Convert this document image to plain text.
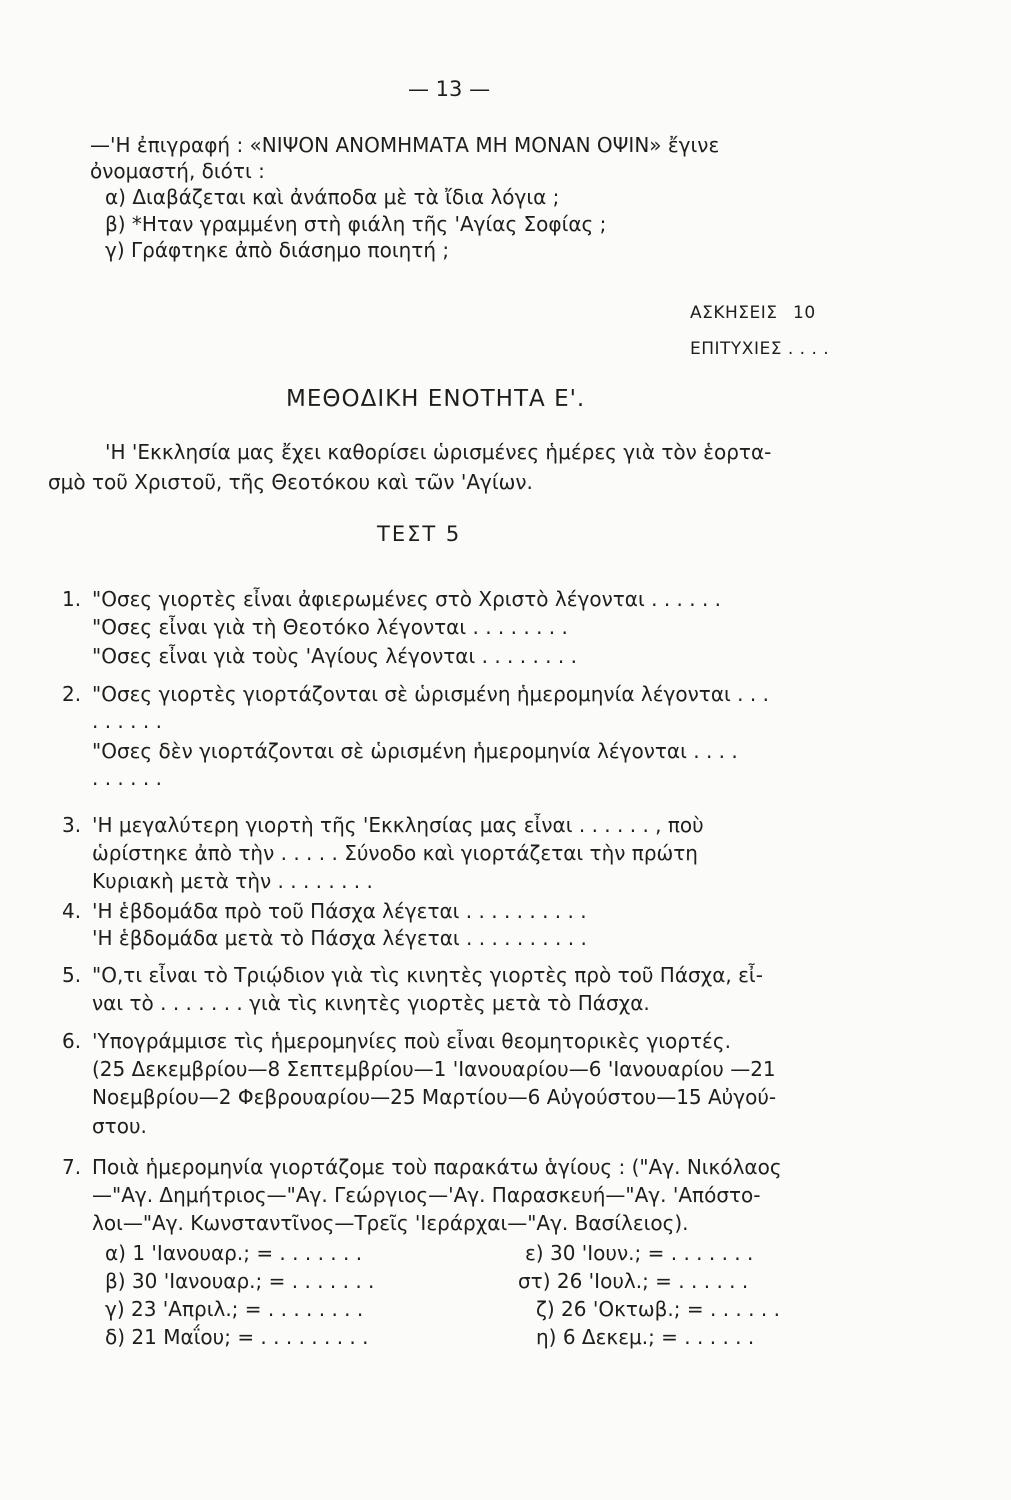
— 13 —
—'Η ἐπιγραφή : «ΝΙΨΟΝ ΑΝΟΜΗΜΑΤΑ ΜΗ ΜΟΝΑΝ ΟΨΙΝ» ἔγινε
ὀνομαστή, διότι :
α) Διαβάζεται καὶ ἀνάποδα μὲ τὰ ἴδια λόγια ;
β) *Ηταν γραμμένη στὴ φιάλη τῆς 'Αγίας Σοφίας ;
γ) Γράφτηκε ἀπὸ διάσημο ποιητή ;
ΑΣΚΗΣΕΙΣ 10
ΕΠΙΤΥΧΙΕΣ . . . .
ΜΕΘΟΔΙΚΗ ΕΝΟΤΗΤΑ Ε'.
'Η 'Εκκλησία μας ἔχει καθορίσει ὡρισμένες ἡμέρες γιὰ τὸν ἑορτα-
σμὸ τοῦ Χριστοῦ, τῆς Θεοτόκου καὶ τῶν 'Αγίων.
ΤΕΣΤ 5
1. "Οσες γιορτὲς εἶναι ἀφιερωμένες στὸ Χριστὸ λέγονται . . . . . .
"Οσες εἶναι γιὰ τὴ Θεοτόκο λέγονται . . . . . . . .
"Οσες εἶναι γιὰ τοὺς 'Αγίους λέγονται . . . . . . . .
2. "Οσες γιορτὲς γιορτάζονται σὲ ὡρισμένη ἡμερομηνία λέγονται . . .
. . . . . .
"Οσες δὲν γιορτάζονται σὲ ὡρισμένη ἡμερομηνία λέγονται . . . .
. . . . . .
3. 'Η μεγαλύτερη γιορτὴ τῆς 'Εκκλησίας μας εἶναι . . . . . . , ποὺ
ὡρίστηκε ἀπὸ τὴν . . . . . Σύνοδο καὶ γιορτάζεται τὴν πρώτη
Κυριακὴ μετὰ τὴν . . . . . . . .
4. 'Η ἑβδομάδα πρὸ τοῦ Πάσχα λέγεται . . . . . . . . . .
'Η ἑβδομάδα μετὰ τὸ Πάσχα λέγεται . . . . . . . . . .
5. "Ο,τι εἶναι τὸ Τριῴδιον γιὰ τὶς κινητὲς γιορτὲς πρὸ τοῦ Πάσχα, εἶ-
ναι τὸ . . . . . . . γιὰ τὶς κινητὲς γιορτὲς μετὰ τὸ Πάσχα.
6. 'Υπογράμμισε τὶς ἡμερομηνίες ποὺ εἶναι θεομητορικὲς γιορτές.
(25 Δεκεμβρίου—8 Σεπτεμβρίου—1 'Ιανουαρίου—6 'Ιανουαρίου —21
Νοεμβρίου—2 Φεβρουαρίου—25 Μαρτίου—6 Αὐγούστου—15 Αὐγού-
στου.
7. Ποιὰ ἡμερομηνία γιορτάζομε τοὺ παρακάτω ἁγίους : ("Αγ. Νικόλαος
—"Αγ. Δημήτριος—"Αγ. Γεώργιος—'Αγ. Παρασκευή—"Αγ. 'Απόστο-
λοι—"Αγ. Κωνσταντῖνος—Τρεῖς 'Ιεράρχαι—"Αγ. Βασίλειος).
α) 1 'Ιανουαρ.; = . . . . . . .
β) 30 'Ιανουαρ.; = . . . . . . .
γ) 23 'Απριλ.; = . . . . . . . .
δ) 21 Μαΐου; = . . . . . . . . .
ε) 30 'Ιουν.; = . . . . . . .
στ) 26 'Ιουλ.; = . . . . . .
ζ) 26 'Οκτωβ.; = . . . . . .
η) 6 Δεκεμ.; = . . . . . .
